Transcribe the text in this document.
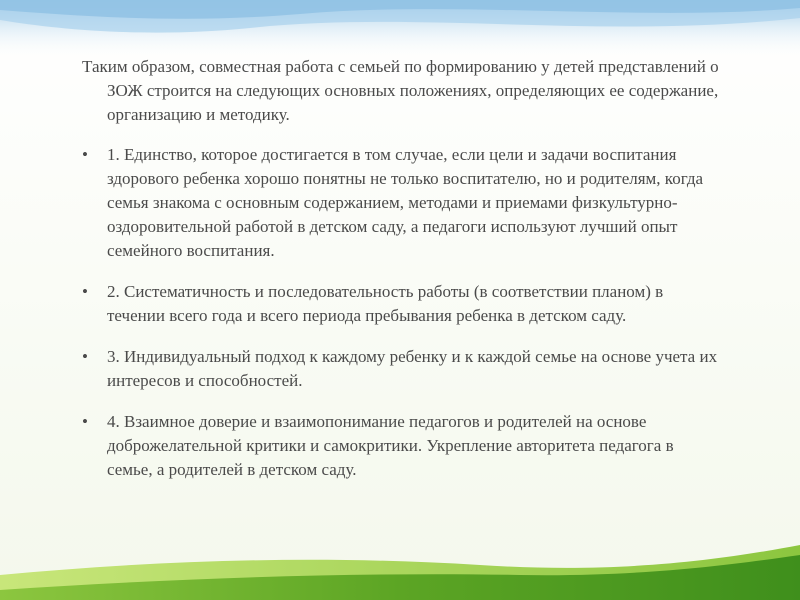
Таким образом, совместная работа с семьей по формированию у детей представлений о ЗОЖ строится на следующих основных положениях, определяющих ее содержание, организацию и методику.

• 1. Единство, которое достигается в том случае, если цели и задачи воспитания здорового ребенка хорошо понятны не только воспитателю, но и родителям, когда семья знакома с основным содержанием, методами и приемами физкультурно-оздоровительной работой в детском саду, а педагоги используют лучший опыт семейного воспитания.
• 2. Систематичность и последовательность работы (в соответствии планом) в течении всего года и всего периода пребывания ребенка в детском саду.
• 3. Индивидуальный подход к каждому ребенку и к каждой семье на основе учета их интересов и способностей.
• 4. Взаимное доверие и взаимопонимание педагогов и родителей на основе доброжелательной критики и самокритики. Укрепление авторитета педагога в семье, а родителей в детском саду.
